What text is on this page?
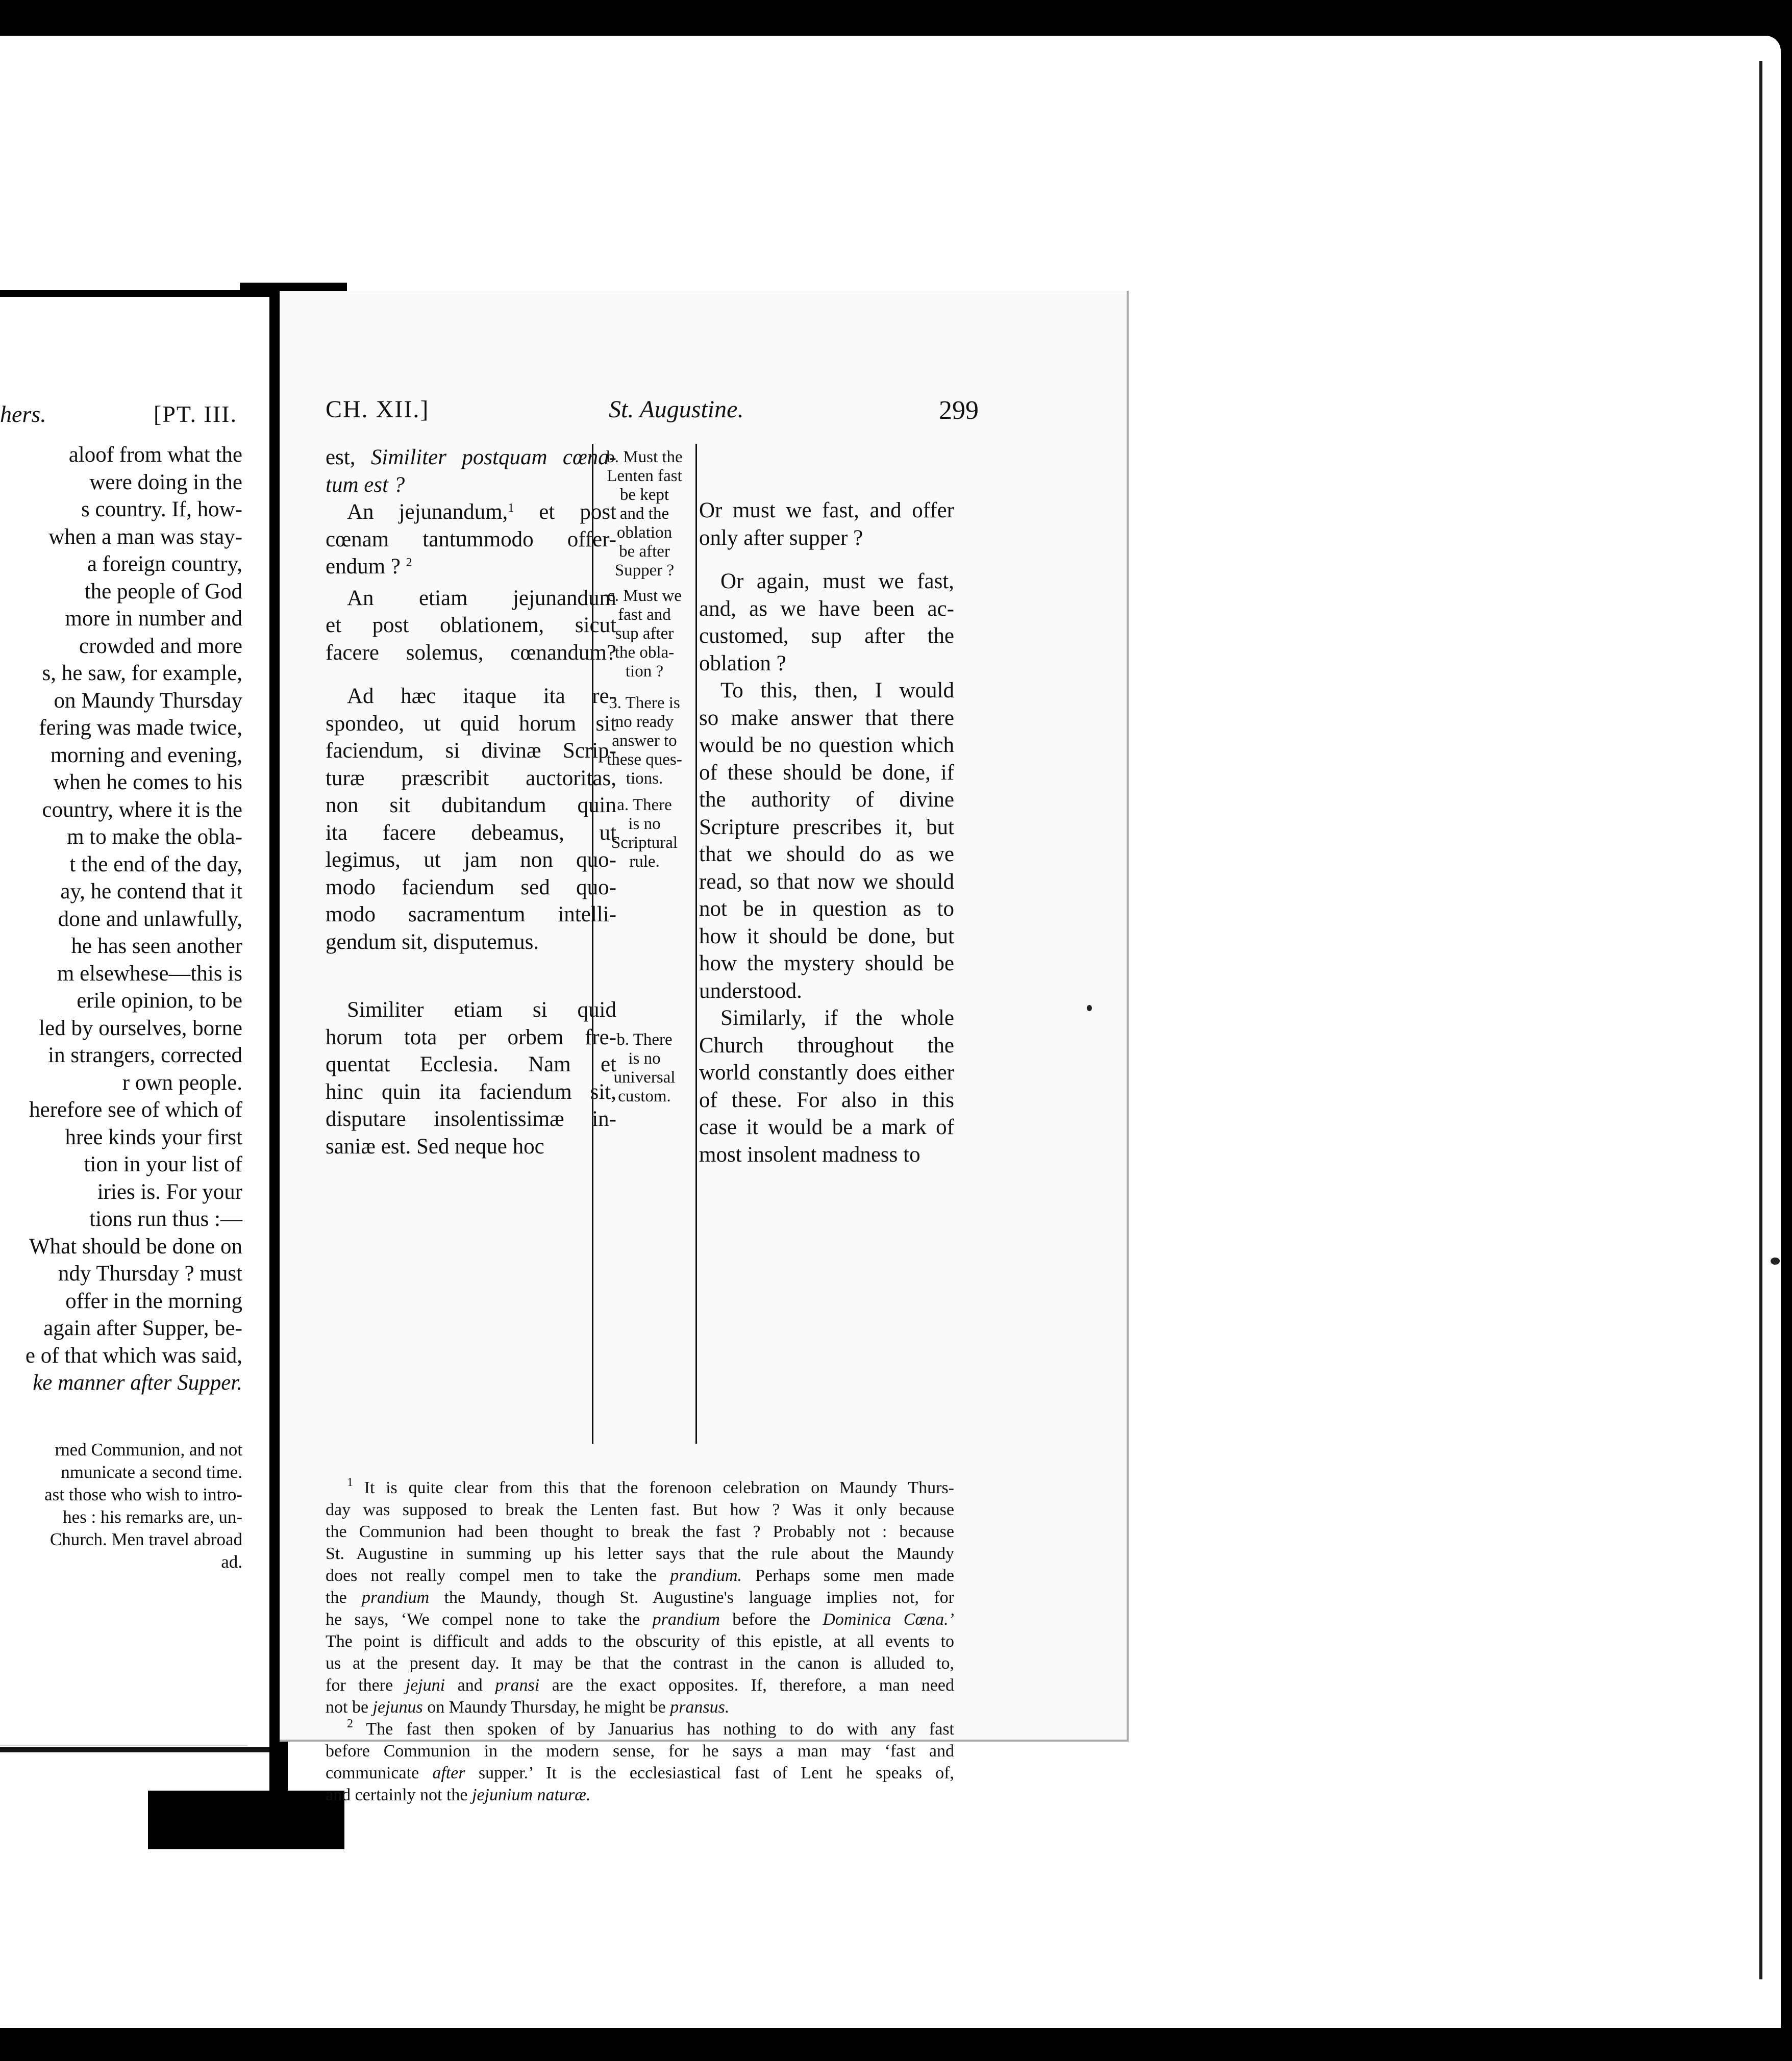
hers.	[PT. III.
aloof from what the
were doing in the
s country. If, how-
when a man was stay-
a foreign country,
the people of God
more in number and
crowded and more
s, he saw, for example,
on Maundy Thursday
fering was made twice,
morning and evening,
when he comes to his
country, where it is the
m to make the obla-
t the end of the day,
ay, he contend that it
done and unlawfully,
he has seen another
m elsewhese—this is
erile opinion, to be
led by ourselves, borne
in strangers, corrected
r own people.
herefore see of which of
hree kinds your first
tion in your list of
iries is. For your
tions run thus :—
What should be done on
ndy Thursday ? must
offer in the morning
again after Supper, be-
e of that which was said,
ke manner after Supper.
rned Communion, and not
nmunicate a second time.
ast those who wish to intro-
hes : his remarks are, un-
Church. Men travel abroad
ad.
CH. XII.]	St. Augustine.	299
est, Similiter postquam cœna-
tum est ?
An jejunandum,$^1$ et post
cœnam tantummodo offer-
endum ? $^2$
An etiam jejunandum
et post oblationem, sicut
facere solemus, cœnandum?
Ad hæc itaque ita re-
spondeo, ut quid horum sit
faciendum, si divinæ Scrip-
turæ præscribit auctoritas,
non sit dubitandum quin
ita facere debeamus, ut
legimus, ut jam non quo-
modo faciendum sed quo-
modo sacramentum intelli-
gendum sit, disputemus.
Similiter etiam si quid
horum tota per orbem fre-
quentat Ecclesia. Nam et
hinc quin ita faciendum sit,
disputare insolentissimæ in-
saniæ est. Sed neque hoc
b. Must the
Lenten fast
be kept
and the
oblation
be after
Supper ?
c. Must we
fast and
sup after
the obla-
tion ?
3. There is
no ready
answer to
these ques-
tions.
a. There
is no
Scriptural
rule.
b. There
is no
universal
custom.
Or must we fast, and offer
only after supper ?
Or again, must we fast,
and, as we have been ac-
customed, sup after the
oblation ?
To this, then, I would
so make answer that there
would be no question which
of these should be done, if
the authority of divine
Scripture prescribes it, but
that we should do as we
read, so that now we should
not be in question as to
how it should be done, but
how the mystery should be
understood.
Similarly, if the whole
Church throughout the
world constantly does either
of these. For also in this
case it would be a mark of
most insolent madness to
$^1$ It is quite clear from this that the forenoon celebration on Maundy Thurs-
day was supposed to break the Lenten fast. But how ? Was it only because
the Communion had been thought to break the fast ? Probably not : because
St. Augustine in summing up his letter says that the rule about the Maundy
does not really compel men to take the prandium. Perhaps some men made
the prandium the Maundy, though St. Augustine's language implies not, for
he says, ‘We compel none to take the prandium before the Dominica Cœna.’
The point is difficult and adds to the obscurity of this epistle, at all events to
us at the present day. It may be that the contrast in the canon is alluded to,
for there jejuni and pransi are the exact opposites. If, therefore, a man need
not be jejunus on Maundy Thursday, he might be pransus.
$^2$ The fast then spoken of by Januarius has nothing to do with any fast
before Communion in the modern sense, for he says a man may ‘fast and
communicate after supper.’ It is the ecclesiastical fast of Lent he speaks of,
and certainly not the jejunium naturæ.
